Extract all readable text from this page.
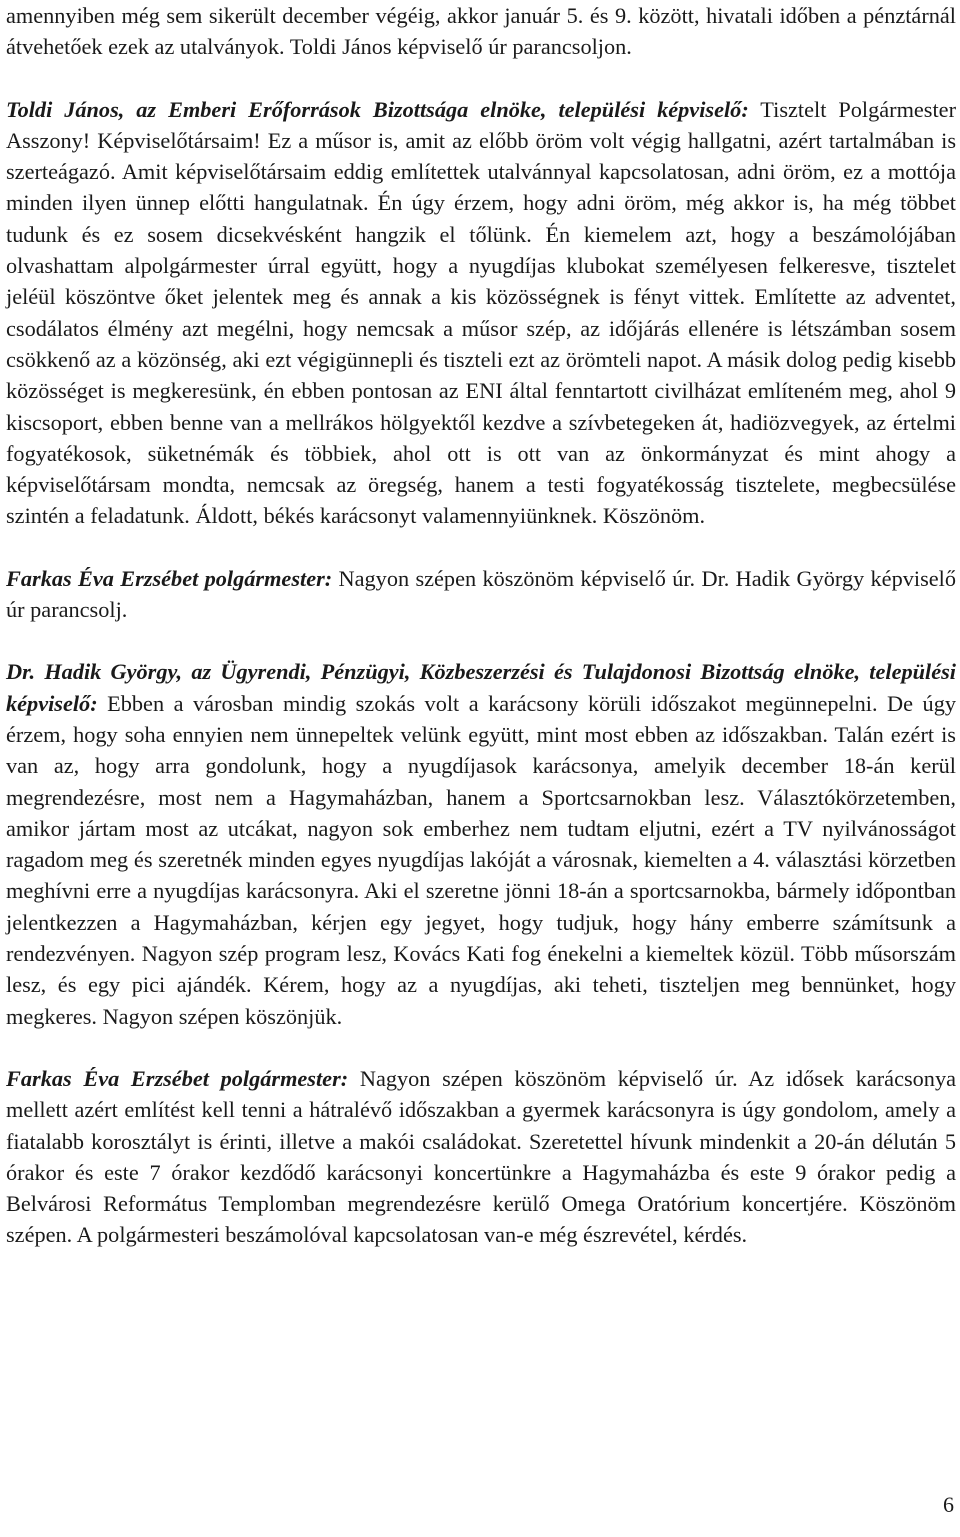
amennyiben még sem sikerült december végéig, akkor január 5. és 9. között, hivatali időben a pénztárnál átvehetőek ezek az utalványok. Toldi János képviselő úr parancsoljon.

Toldi János, az Emberi Erőforrások Bizottsága elnöke, települési képviselő: Tisztelt Polgármester Asszony! Képviselőtársaim! Ez a műsor is, amit az előbb öröm volt végig hallgatni, azért tartalmában is szerteágazó. Amit képviselőtársaim eddig említettek utalvánnyal kapcsolatosan, adni öröm, ez a mottója minden ilyen ünnep előtti hangulatnak. Én úgy érzem, hogy adni öröm, még akkor is, ha még többet tudunk és ez sosem dicsekvésként hangzik el tőlünk. Én kiemelem azt, hogy a beszámolójában olvashattam alpolgármester úrral együtt, hogy a nyugdíjas klubokat személyesen felkeresve, tisztelet jeléül köszöntve őket jelentek meg és annak a kis közösségnek is fényt vittek. Említette az adventet, csodálatos élmény azt megélni, hogy nemcsak a műsor szép, az időjárás ellenére is létszámban sosem csökkenő az a közönség, aki ezt végigünnepli és tiszteli ezt az örömteli napot. A másik dolog pedig kisebb közösséget is megkeresünk, én ebben pontosan az ENI által fenntartott civilházat említeném meg, ahol 9 kiscsoport, ebben benne van a mellrákos hölgyektől kezdve a szívbetegeken át, hadiözvegyek, az értelmi fogyatékosok, süketnémák és többiek, ahol ott is ott van az önkormányzat és mint ahogy a képviselőtársam mondta, nemcsak az öregség, hanem a testi fogyatékosság tisztelete, megbecsülése szintén a feladatunk. Áldott, békés karácsonyt valamennyiünknek. Köszönöm.

Farkas Éva Erzsébet polgármester: Nagyon szépen köszönöm képviselő úr. Dr. Hadik György képviselő úr parancsolj.

Dr. Hadik György, az Ügyrendi, Pénzügyi, Közbeszerzési és Tulajdonosi Bizottság elnöke, települési képviselő: Ebben a városban mindig szokás volt a karácsony körüli időszakot megünnepelni. De úgy érzem, hogy soha ennyien nem ünnepeltek velünk együtt, mint most ebben az időszakban. Talán ezért is van az, hogy arra gondolunk, hogy a nyugdíjasok karácsonya, amelyik december 18-án kerül megrendezésre, most nem a Hagymaházban, hanem a Sportcsarnokban lesz. Választókörzetemben, amikor jártam most az utcákat, nagyon sok emberhez nem tudtam eljutni, ezért a TV nyilvánosságot ragadom meg és szeretnék minden egyes nyugdíjas lakóját a városnak, kiemelten a 4. választási körzetben meghívni erre a nyugdíjas karácsonyra. Aki el szeretne jönni 18-án a sportcsarnokba, bármely időpontban jelentkezzen a Hagymaházban, kérjen egy jegyet, hogy tudjuk, hogy hány emberre számítsunk a rendezvényen. Nagyon szép program lesz, Kovács Kati fog énekelni a kiemeltek közül. Több műsorszám lesz, és egy pici ajándék. Kérem, hogy az a nyugdíjas, aki teheti, tiszteljen meg bennünket, hogy megkeres. Nagyon szépen köszönjük.

Farkas Éva Erzsébet polgármester: Nagyon szépen köszönöm képviselő úr. Az idősek karácsonya mellett azért említést kell tenni a hátralévő időszakban a gyermek karácsonyra is úgy gondolom, amely a fiatalabb korosztályt is érinti, illetve a makói családokat. Szeretettel hívunk mindenkit a 20-án délután 5 órakor és este 7 órakor kezdődő karácsonyi koncertünkre a Hagymaházba és este 9 órakor pedig a Belvárosi Református Templomban megrendezésre kerülő Omega Oratórium koncertjére. Köszönöm szépen. A polgármesteri beszámolóval kapcsolatosan van-e még észrevétel, kérdés.

6
